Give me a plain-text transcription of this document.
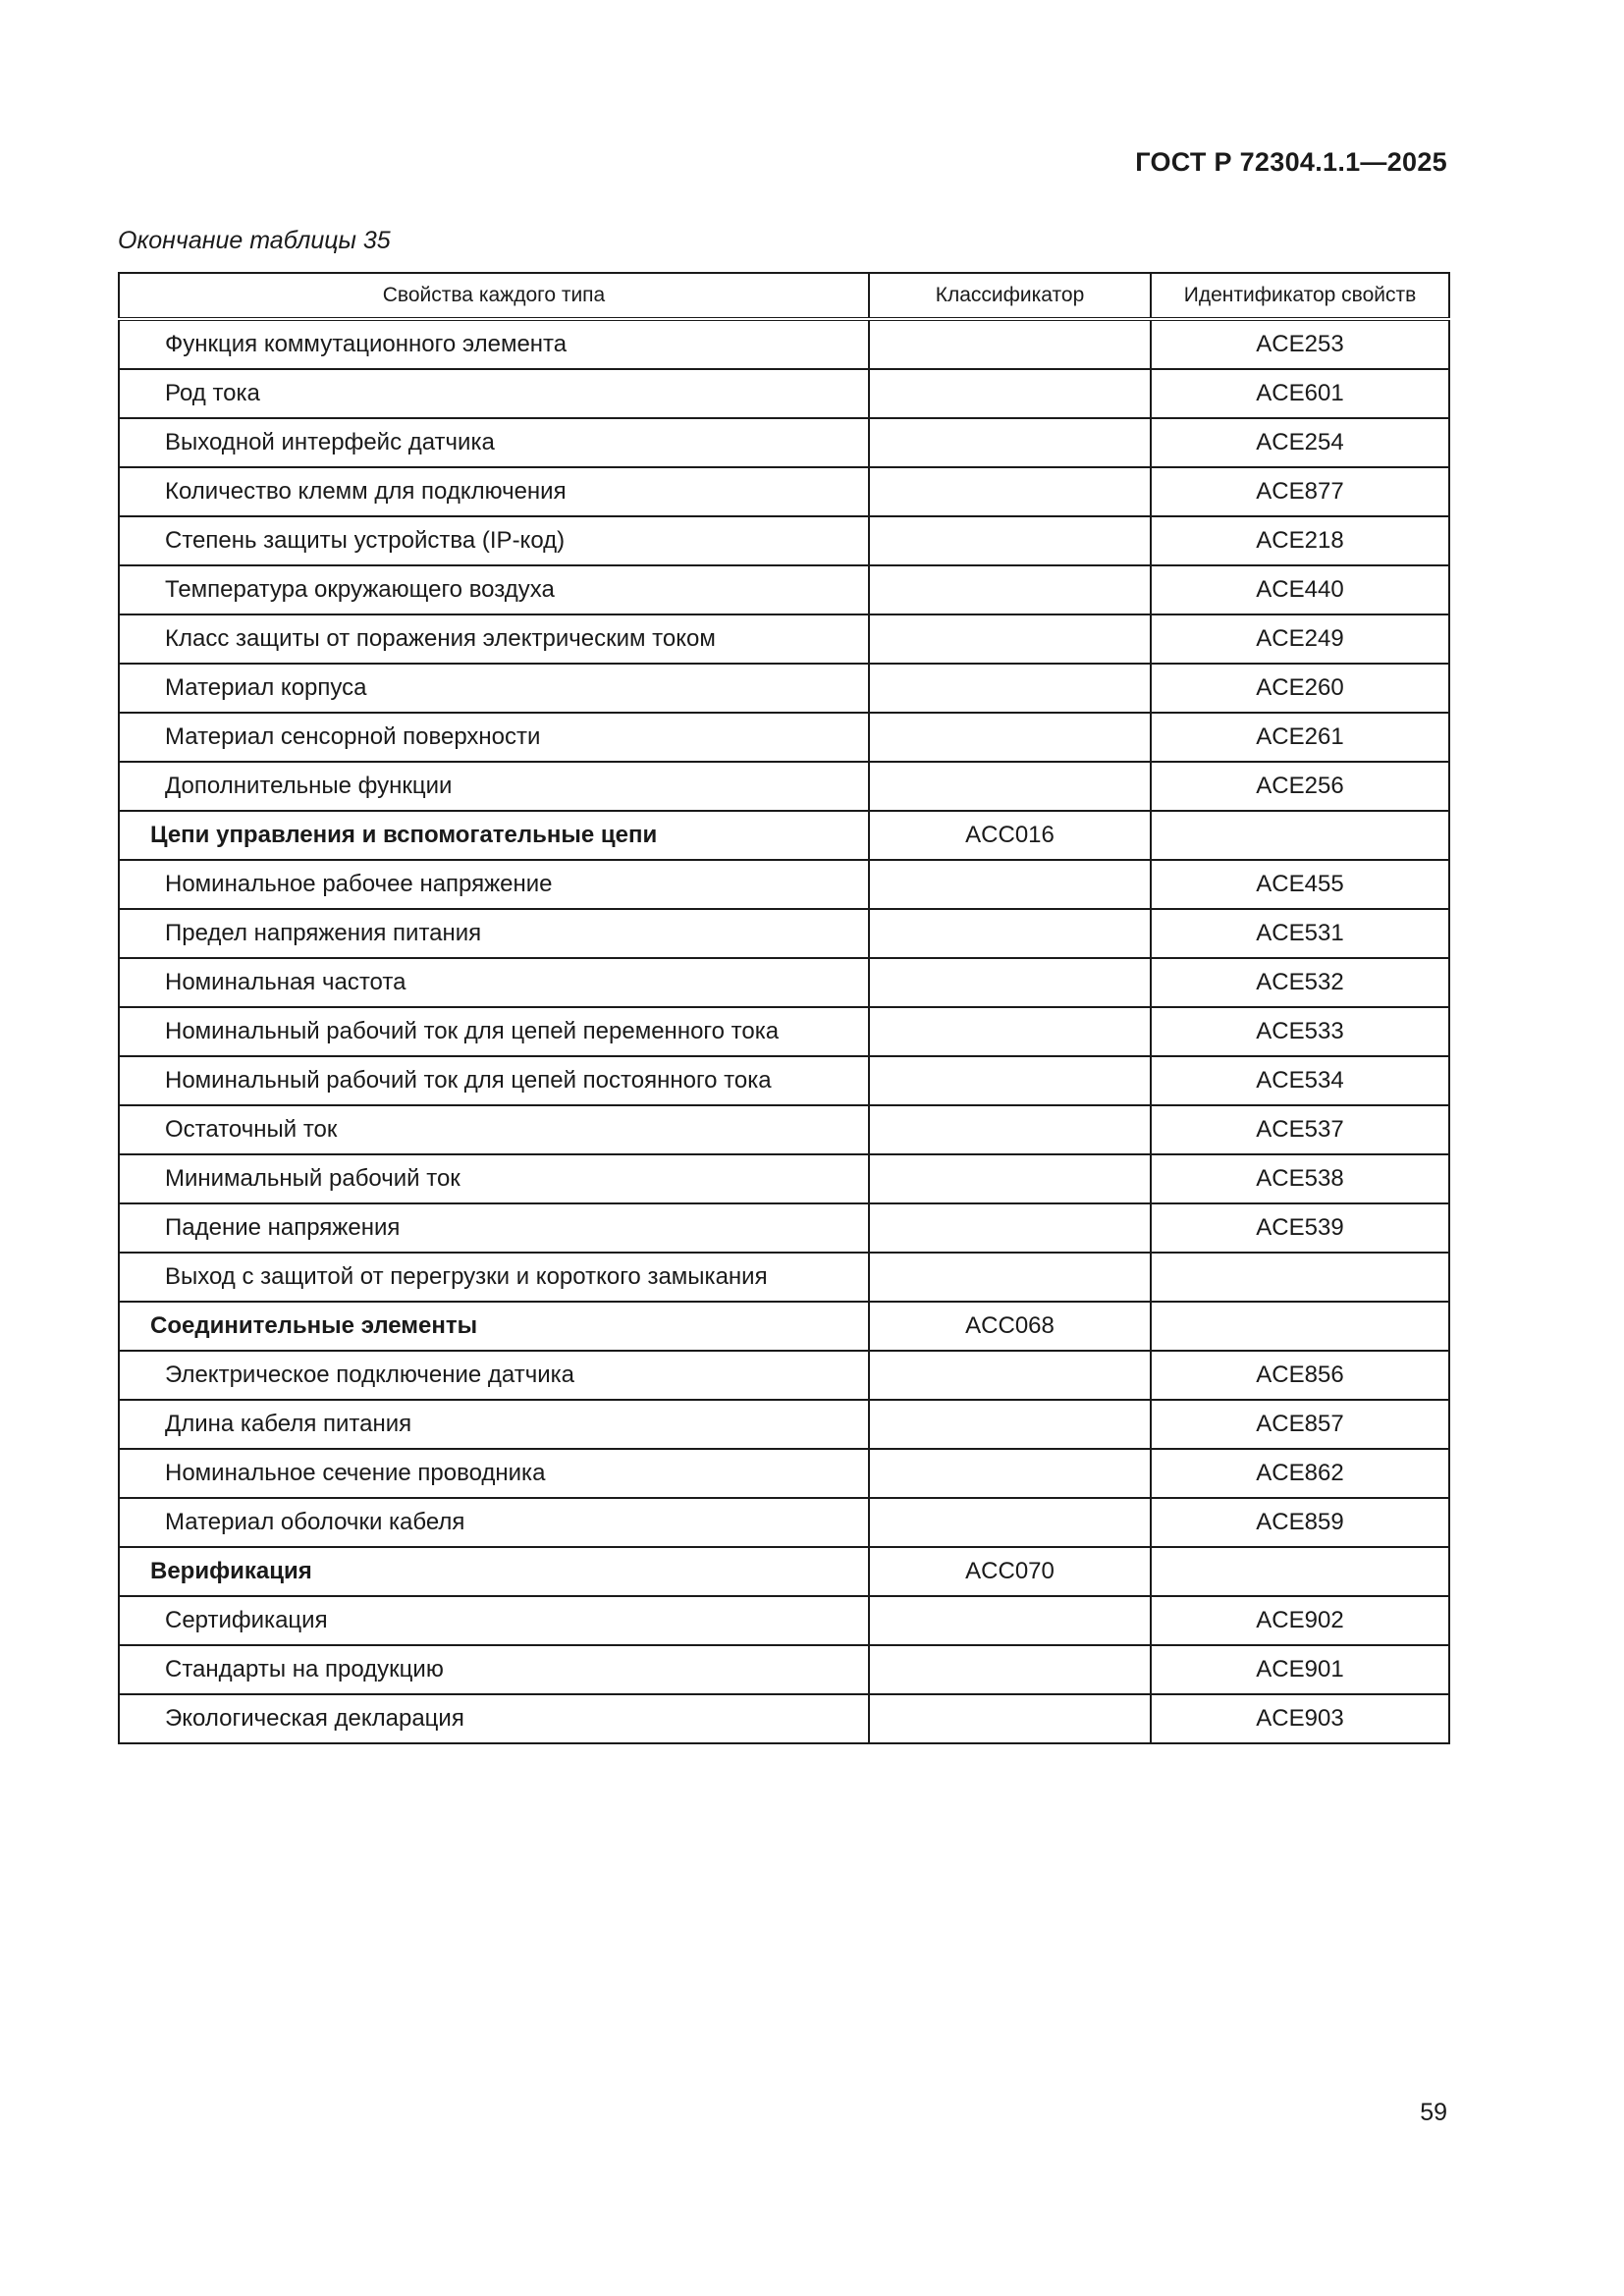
ГОСТ Р 72304.1.1—2025
Окончание таблицы 35
Свойства каждого типа	Классификатор	Идентификатор свойств
Функция коммутационного элемента		ACE253
Род тока		ACE601
Выходной интерфейс датчика		ACE254
Количество клемм для подключения		ACE877
Степень защиты устройства (IP-код)		ACE218
Температура окружающего воздуха		ACE440
Класс защиты от поражения электрическим током		ACE249
Материал корпуса		ACE260
Материал сенсорной поверхности		ACE261
Дополнительные функции		ACE256
Цепи управления и вспомогательные цепи	ACC016	
Номинальное рабочее напряжение		ACE455
Предел напряжения питания		ACE531
Номинальная частота		ACE532
Номинальный рабочий ток для цепей переменного тока		ACE533
Номинальный рабочий ток для цепей постоянного тока		ACE534
Остаточный ток		ACE537
Минимальный рабочий ток		ACE538
Падение напряжения		ACE539
Выход с защитой от перегрузки и короткого замыкания		
Соединительные элементы	ACC068	
Электрическое подключение датчика		ACE856
Длина кабеля питания		ACE857
Номинальное сечение проводника		ACE862
Материал оболочки кабеля		ACE859
Верификация	ACC070	
Сертификация		ACE902
Стандарты на продукцию		ACE901
Экологическая декларация		ACE903
59
